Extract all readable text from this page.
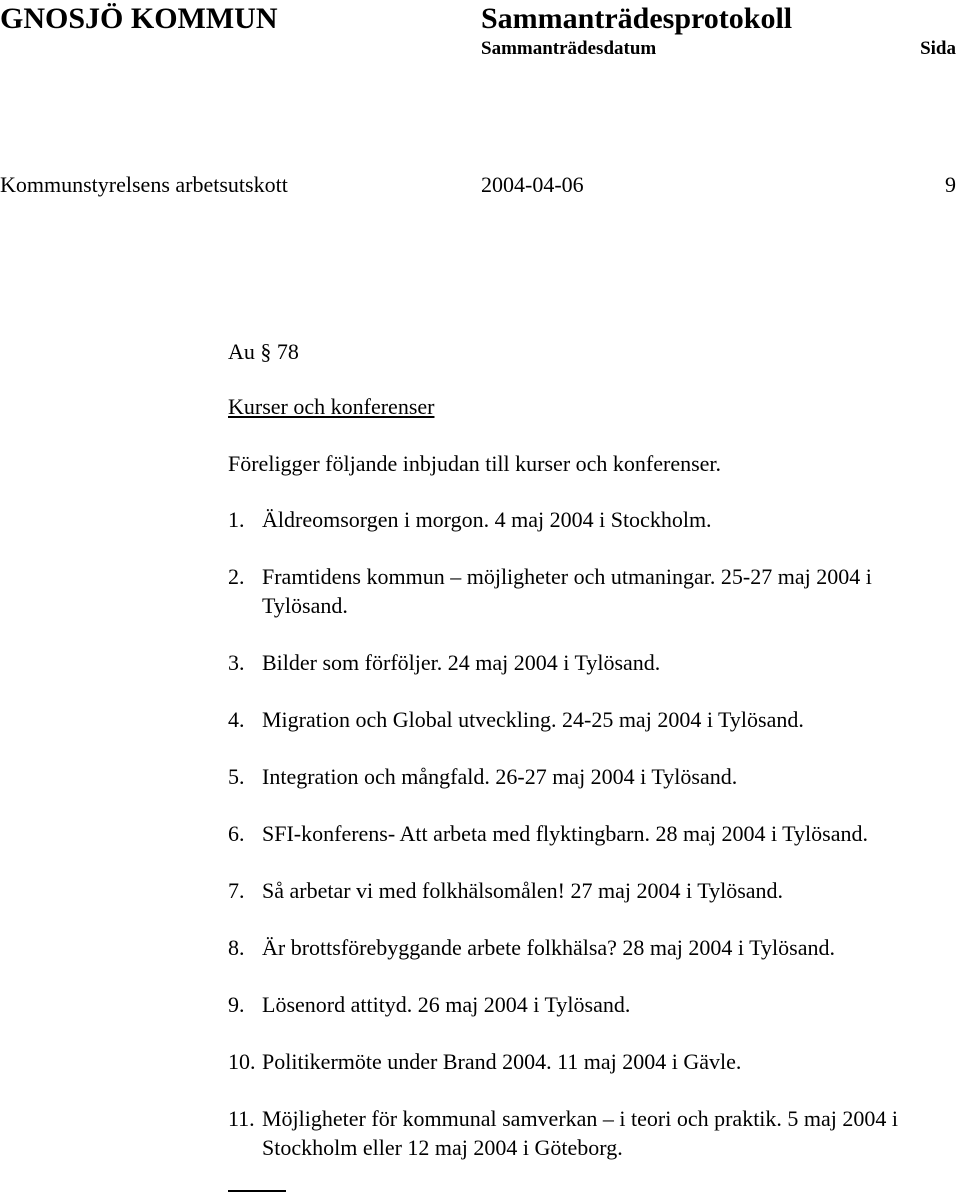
GNOSJÖ KOMMUN	Sammanträdesprotokoll
Sammanträdesdatum	Sida
Kommunstyrelsens arbetsutskott	2004-04-06	9
Au § 78
Kurser och konferenser
Föreligger följande inbjudan till kurser och konferenser.
1. Äldreomsorgen i morgon. 4 maj 2004 i Stockholm.
2. Framtidens kommun – möjligheter och utmaningar. 25-27 maj 2004 i Tylösand.
3. Bilder som förföljer. 24 maj 2004 i Tylösand.
4. Migration och Global utveckling. 24-25 maj 2004 i Tylösand.
5. Integration och mångfald. 26-27 maj 2004 i Tylösand.
6. SFI-konferens- Att arbeta med flyktingbarn. 28 maj 2004 i Tylösand.
7. Så arbetar vi med folkhälsomålen! 27 maj 2004 i Tylösand.
8. Är brottsförebyggande arbete folkhälsa? 28 maj 2004 i Tylösand.
9. Lösenord attityd. 26 maj 2004 i Tylösand.
10. Politikermöte under Brand 2004. 11 maj 2004 i Gävle.
11. Möjligheter för kommunal samverkan – i teori och praktik. 5 maj 2004 i Stockholm eller 12 maj 2004 i Göteborg.
